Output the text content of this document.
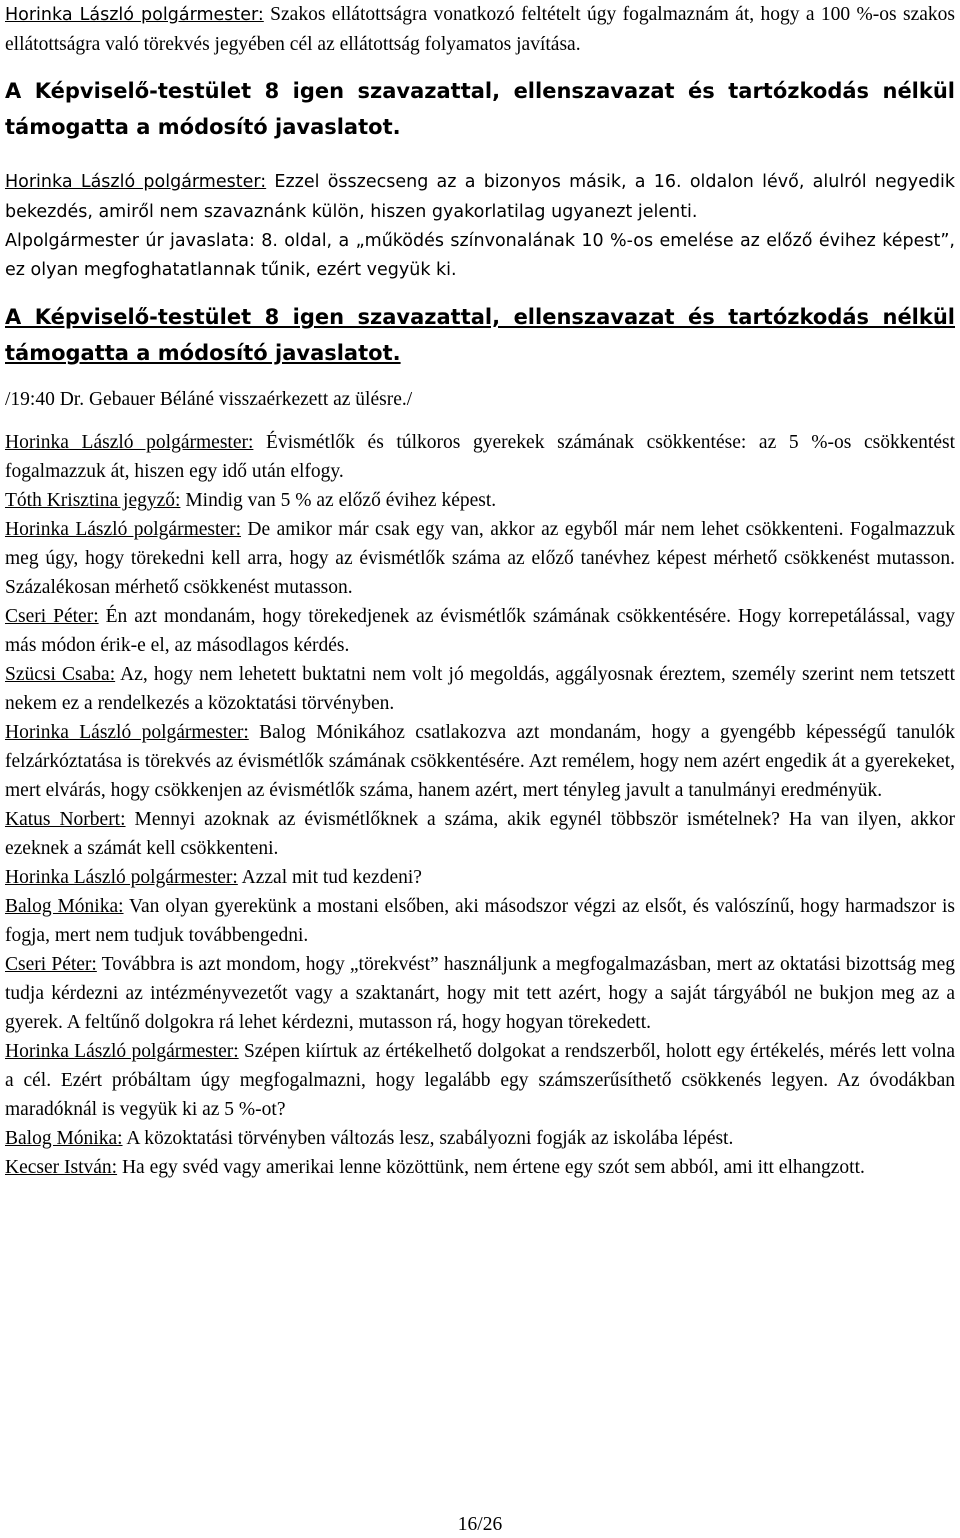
Horinka László polgármester: Szakos ellátottságra vonatkozó feltételt úgy fogalmaznám át, hogy a 100 %-os szakos ellátottságra való törekvés jegyében cél az ellátottság folyamatos javítása.

A Képviselő-testület 8 igen szavazattal, ellenszavazat és tartózkodás nélkül támogatta a módosító javaslatot.

Horinka László polgármester: Ezzel összecseng az a bizonyos másik, a 16. oldalon lévő, alulról negyedik bekezdés, amiről nem szavaznánk külön, hiszen gyakorlatilag ugyanezt jelenti.

Alpolgármester úr javaslata: 8. oldal, a „működés színvonalának 10 %-os emelése az előző évihez képest”, ez olyan megfoghatatlannak tűnik, ezért vegyük ki.

A Képviselő-testület 8 igen szavazattal, ellenszavazat és tartózkodás nélkül támogatta a módosító javaslatot.

/19:40 Dr. Gebauer Béláné visszaérkezett az ülésre./

Horinka László polgármester: Évismétlők és túlkoros gyerekek számának csökkentése: az 5 %-os csökkentést fogalmazzuk át, hiszen egy idő után elfogy.

Tóth Krisztina jegyző: Mindig van 5 % az előző évihez képest.

Horinka László polgármester: De amikor már csak egy van, akkor az egyből már nem lehet csökkenteni. Fogalmazzuk meg úgy, hogy törekedni kell arra, hogy az évismétlők száma az előző tanévhez képest mérhető csökkenést mutasson. Százalékosan mérhető csökkenést mutasson.

Cseri Péter: Én azt mondanám, hogy törekedjenek az évismétlők számának csökkentésére. Hogy korrepetálással, vagy más módon érik-e el, az másodlagos kérdés.

Szücsi Csaba: Az, hogy nem lehetett buktatni nem volt jó megoldás, aggályosnak éreztem, személy szerint nem tetszett nekem ez a rendelkezés a közoktatási törvényben.

Horinka László polgármester: Balog Mónikához csatlakozva azt mondanám, hogy a gyengébb képességű tanulók felzárkóztatása is törekvés az évismétlők számának csökkentésére. Azt remélem, hogy nem azért engedik át a gyerekeket, mert elvárás, hogy csökkenjen az évismétlők száma, hanem azért, mert tényleg javult a tanulmányi eredményük.

Katus Norbert: Mennyi azoknak az évismétlőknek a száma, akik egynél többször ismételnek? Ha van ilyen, akkor ezeknek a számát kell csökkenteni.

Horinka László polgármester: Azzal mit tud kezdeni?

Balog Mónika: Van olyan gyerekünk a mostani elsőben, aki másodszor végzi az elsőt, és valószínű, hogy harmadszor is fogja, mert nem tudjuk továbbengedni.

Cseri Péter: Továbbra is azt mondom, hogy „törekvést” használjunk a megfogalmazásban, mert az oktatási bizottság meg tudja kérdezni az intézményvezetőt vagy a szaktanárt, hogy mit tett azért, hogy a saját tárgyából ne bukjon meg az a gyerek. A feltűnő dolgokra rá lehet kérdezni, mutasson rá, hogy hogyan törekedett.

Horinka László polgármester: Szépen kiírtuk az értékelhető dolgokat a rendszerből, holott egy értékelés, mérés lett volna a cél. Ezért próbáltam úgy megfogalmazni, hogy legalább egy számszerűsíthető csökkenés legyen. Az óvodákban maradóknál is vegyük ki az 5 %-ot?

Balog Mónika: A közoktatási törvényben változás lesz, szabályozni fogják az iskolába lépést.

Kecser István: Ha egy svéd vagy amerikai lenne közöttünk, nem értene egy szót sem abból, ami itt elhangzott.

16/26
